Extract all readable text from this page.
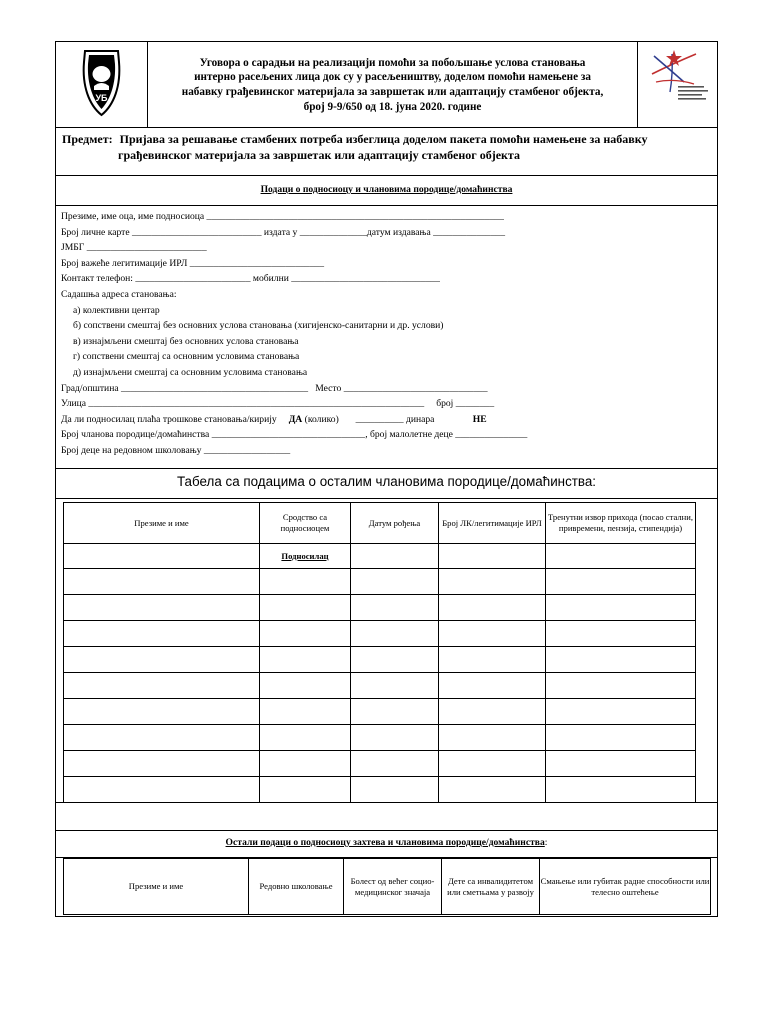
УБ
Уговора о сарадњи на реализацији помоћи за побољшање услова становања
интерно расељених лица док су у расељеништву, доделом помоћи намењене за
набавку грађевинског материјала за завршетак или адаптацију стамбеног објекта,
број 9-9/650 од 18. јуна 2020. године
Предмет: Пријава за решавање стамбених потреба избеглица доделом пакета помоћи намењене за набавку
грађевинског материјала за завршетак или адаптацију стамбеног објекта
Подаци о подносиоцу и члановима породице/домаћинства
Презиме, име оца, име подносиоца ______________________________________________________________
Број личне карте ___________________________ издата у ______________датум издавања _______________
ЈМБГ _________________________
Број важеће легитимације ИРЛ ____________________________
Контакт телефон: ________________________ мобилни _______________________________
Садашња адреса становања:
а) колективни центар
б) сопствени смештај без основних услова становања (хигијенско-санитарни и др. услови)
в) изнајмљени смештај без основних услова становања
г) сопствени смештај са основним условима становања
д) изнајмљени смештај са основним условима становања
Град/општина _______________________________________   Место ______________________________
Улица ______________________________________________________________________     број ________
Да ли подносилац плаћа трошкове становања/кирију ДА (колико)       __________ динара	НЕ
Број чланова породице/домаћинства ________________________________, број малолетне деце _______________
Број деце на редовном школовању __________________
Табела са подацима о осталим члановима породице/домаћинства:
Презиме и име	Сродство са подносиоцем	Датум рођења	Број ЛК/легитимације ИРЛ	Тренутни извор прихода (посао стални, привремени, пензија, стипендија)
	Подносилац			

Остали подаци о подносиоцу захтева и члановима породице/домаћинства:
Презиме и име	Редовно школовање	Болест од већег социо-медицинског значаја	Дете са инвалидитетом или сметњама у развоју	Смањење или губитак радне способности или телесно оштећење
